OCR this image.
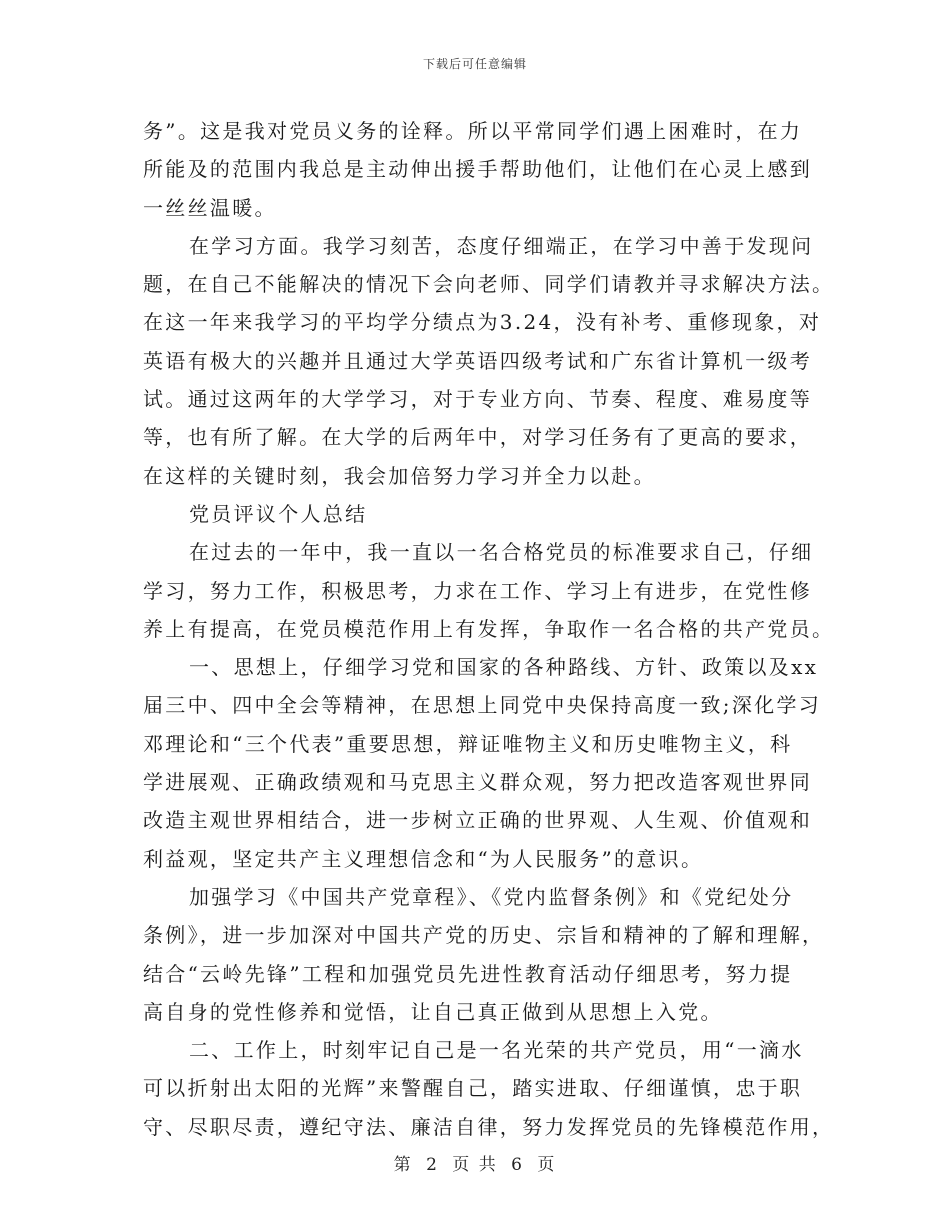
下载后可任意编辑
务”。这是我对党员义务的诠释。所以平常同学们遇上困难时，在力
所能及的范围内我总是主动伸出援手帮助他们，让他们在心灵上感到
一丝丝温暖。
在学习方面。我学习刻苦，态度仔细端正，在学习中善于发现问
题，在自己不能解决的情况下会向老师、同学们请教并寻求解决方法。
在这一年来我学习的平均学分绩点为3.24，没有补考、重修现象，对
英语有极大的兴趣并且通过大学英语四级考试和广东省计算机一级考
试。通过这两年的大学学习，对于专业方向、节奏、程度、难易度等
等，也有所了解。在大学的后两年中，对学习任务有了更高的要求，
在这样的关键时刻，我会加倍努力学习并全力以赴。
党员评议个人总结
在过去的一年中，我一直以一名合格党员的标准要求自己，仔细
学习，努力工作，积极思考，力求在工作、学习上有进步，在党性修
养上有提高，在党员模范作用上有发挥，争取作一名合格的共产党员。
一、思想上，仔细学习党和国家的各种路线、方针、政策以及xx
届三中、四中全会等精神，在思想上同党中央保持高度一致;深化学习
邓理论和“三个代表”重要思想，辩证唯物主义和历史唯物主义，科
学进展观、正确政绩观和马克思主义群众观，努力把改造客观世界同
改造主观世界相结合，进一步树立正确的世界观、人生观、价值观和
利益观，坚定共产主义理想信念和“为人民服务”的意识。
加强学习《中国共产党章程》、《党内监督条例》和《党纪处分
条例》，进一步加深对中国共产党的历史、宗旨和精神的了解和理解，
结合“云岭先锋”工程和加强党员先进性教育活动仔细思考，努力提
高自身的党性修养和觉悟，让自己真正做到从思想上入党。
二、工作上，时刻牢记自己是一名光荣的共产党员，用“一滴水
可以折射出太阳的光辉”来警醒自己，踏实进取、仔细谨慎，忠于职
守、尽职尽责，遵纪守法、廉洁自律，努力发挥党员的先锋模范作用，
第 2 页 共 6 页
